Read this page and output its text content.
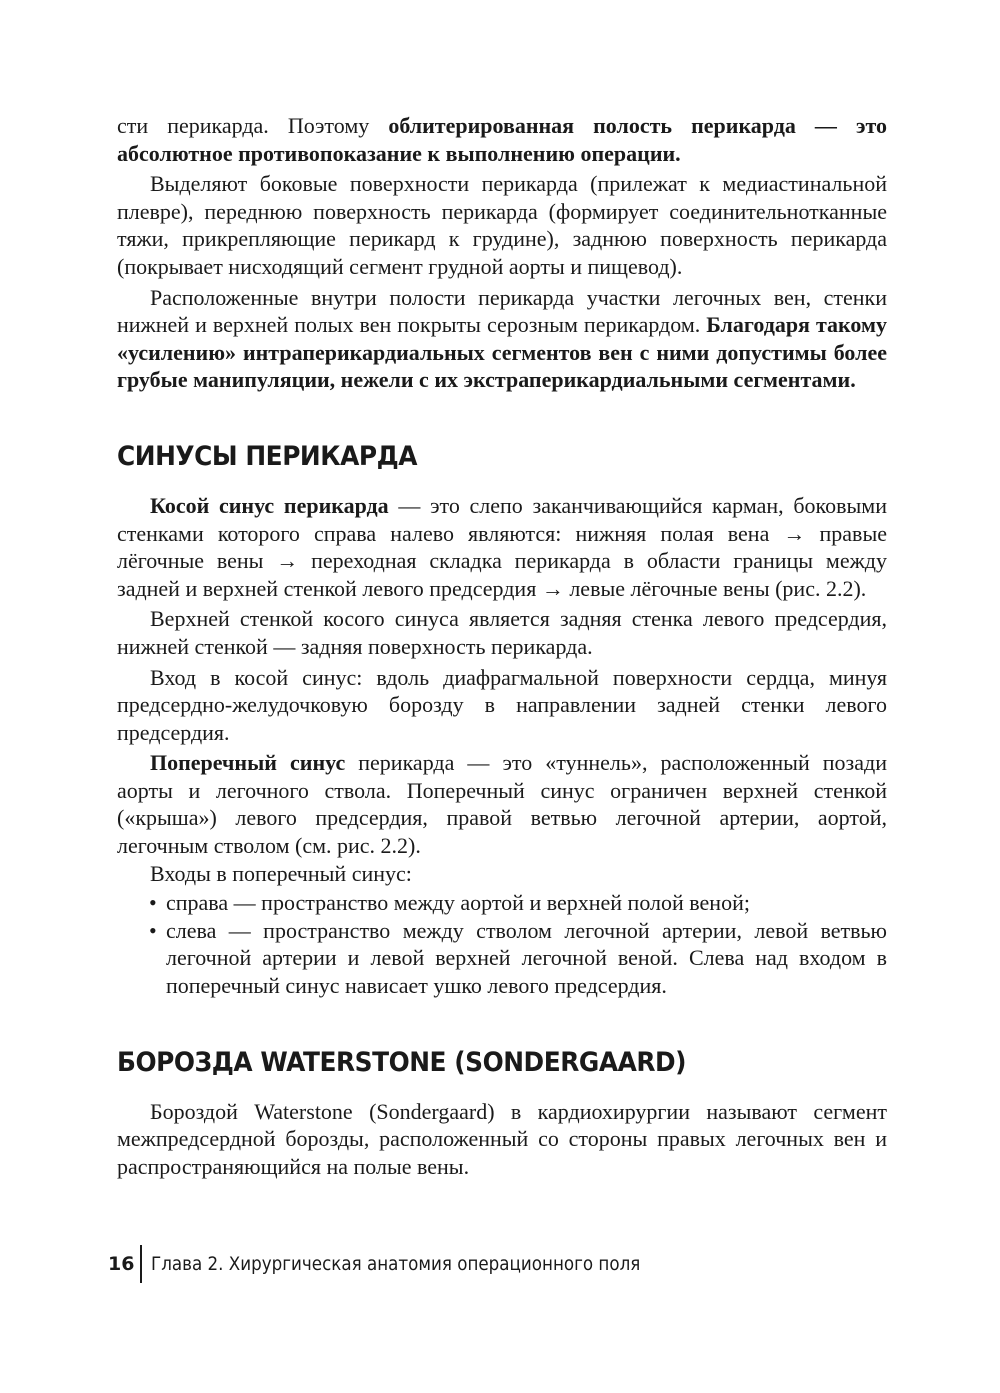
сти перикарда. Поэтому облитерированная полость перикарда — это абсолютное противопоказание к выполнению операции.

Выделяют боковые поверхности перикарда (прилежат к медиастинальной плевре), переднюю поверхность перикарда (формирует соединительнотканные тяжи, прикрепляющие перикард к грудине), заднюю поверхность перикарда (покрывает нисходящий сегмент грудной аорты и пищевод).

Расположенные внутри полости перикарда участки легочных вен, стенки нижней и верхней полых вен покрыты серозным перикардом. Благодаря такому «усилению» интраперикардиальных сегментов вен с ними допустимы более грубые манипуляции, нежели с их экстраперикардиальными сегментами.

СИНУСЫ ПЕРИКАРДА

Косой синус перикарда — это слепо заканчивающийся карман, боковыми стенками которого справа налево являются: нижняя полая вена → правые лёгочные вены → переходная складка перикарда в области границы между задней и верхней стенкой левого предсердия → левые лёгочные вены (рис. 2.2).

Верхней стенкой косого синуса является задняя стенка левого предсердия, нижней стенкой — задняя поверхность перикарда.

Вход в косой синус: вдоль диафрагмальной поверхности сердца, минуя предсердно-желудочковую борозду в направлении задней стенки левого предсердия.

Поперечный синус перикарда — это «туннель», расположенный позади аорты и легочного ствола. Поперечный синус ограничен верхней стенкой («крыша») левого предсердия, правой ветвью легочной артерии, аортой, легочным стволом (см. рис. 2.2).

Входы в поперечный синус:

• справа — пространство между аортой и верхней полой веной;
• слева — пространство между стволом легочной артерии, левой ветвью легочной артерии и левой верхней легочной веной. Слева над входом в поперечный синус нависает ушко левого предсердия.
БОРОЗДА WATERSTONE (SONDERGAARD)

Бороздой Waterstone (Sondergaard) в кардиохирургии называют сегмент межпредсердной борозды, расположенный со стороны правых легочных вен и распространяющийся на полые вены.

16 Глава 2. Хирургическая анатомия операционного поля
